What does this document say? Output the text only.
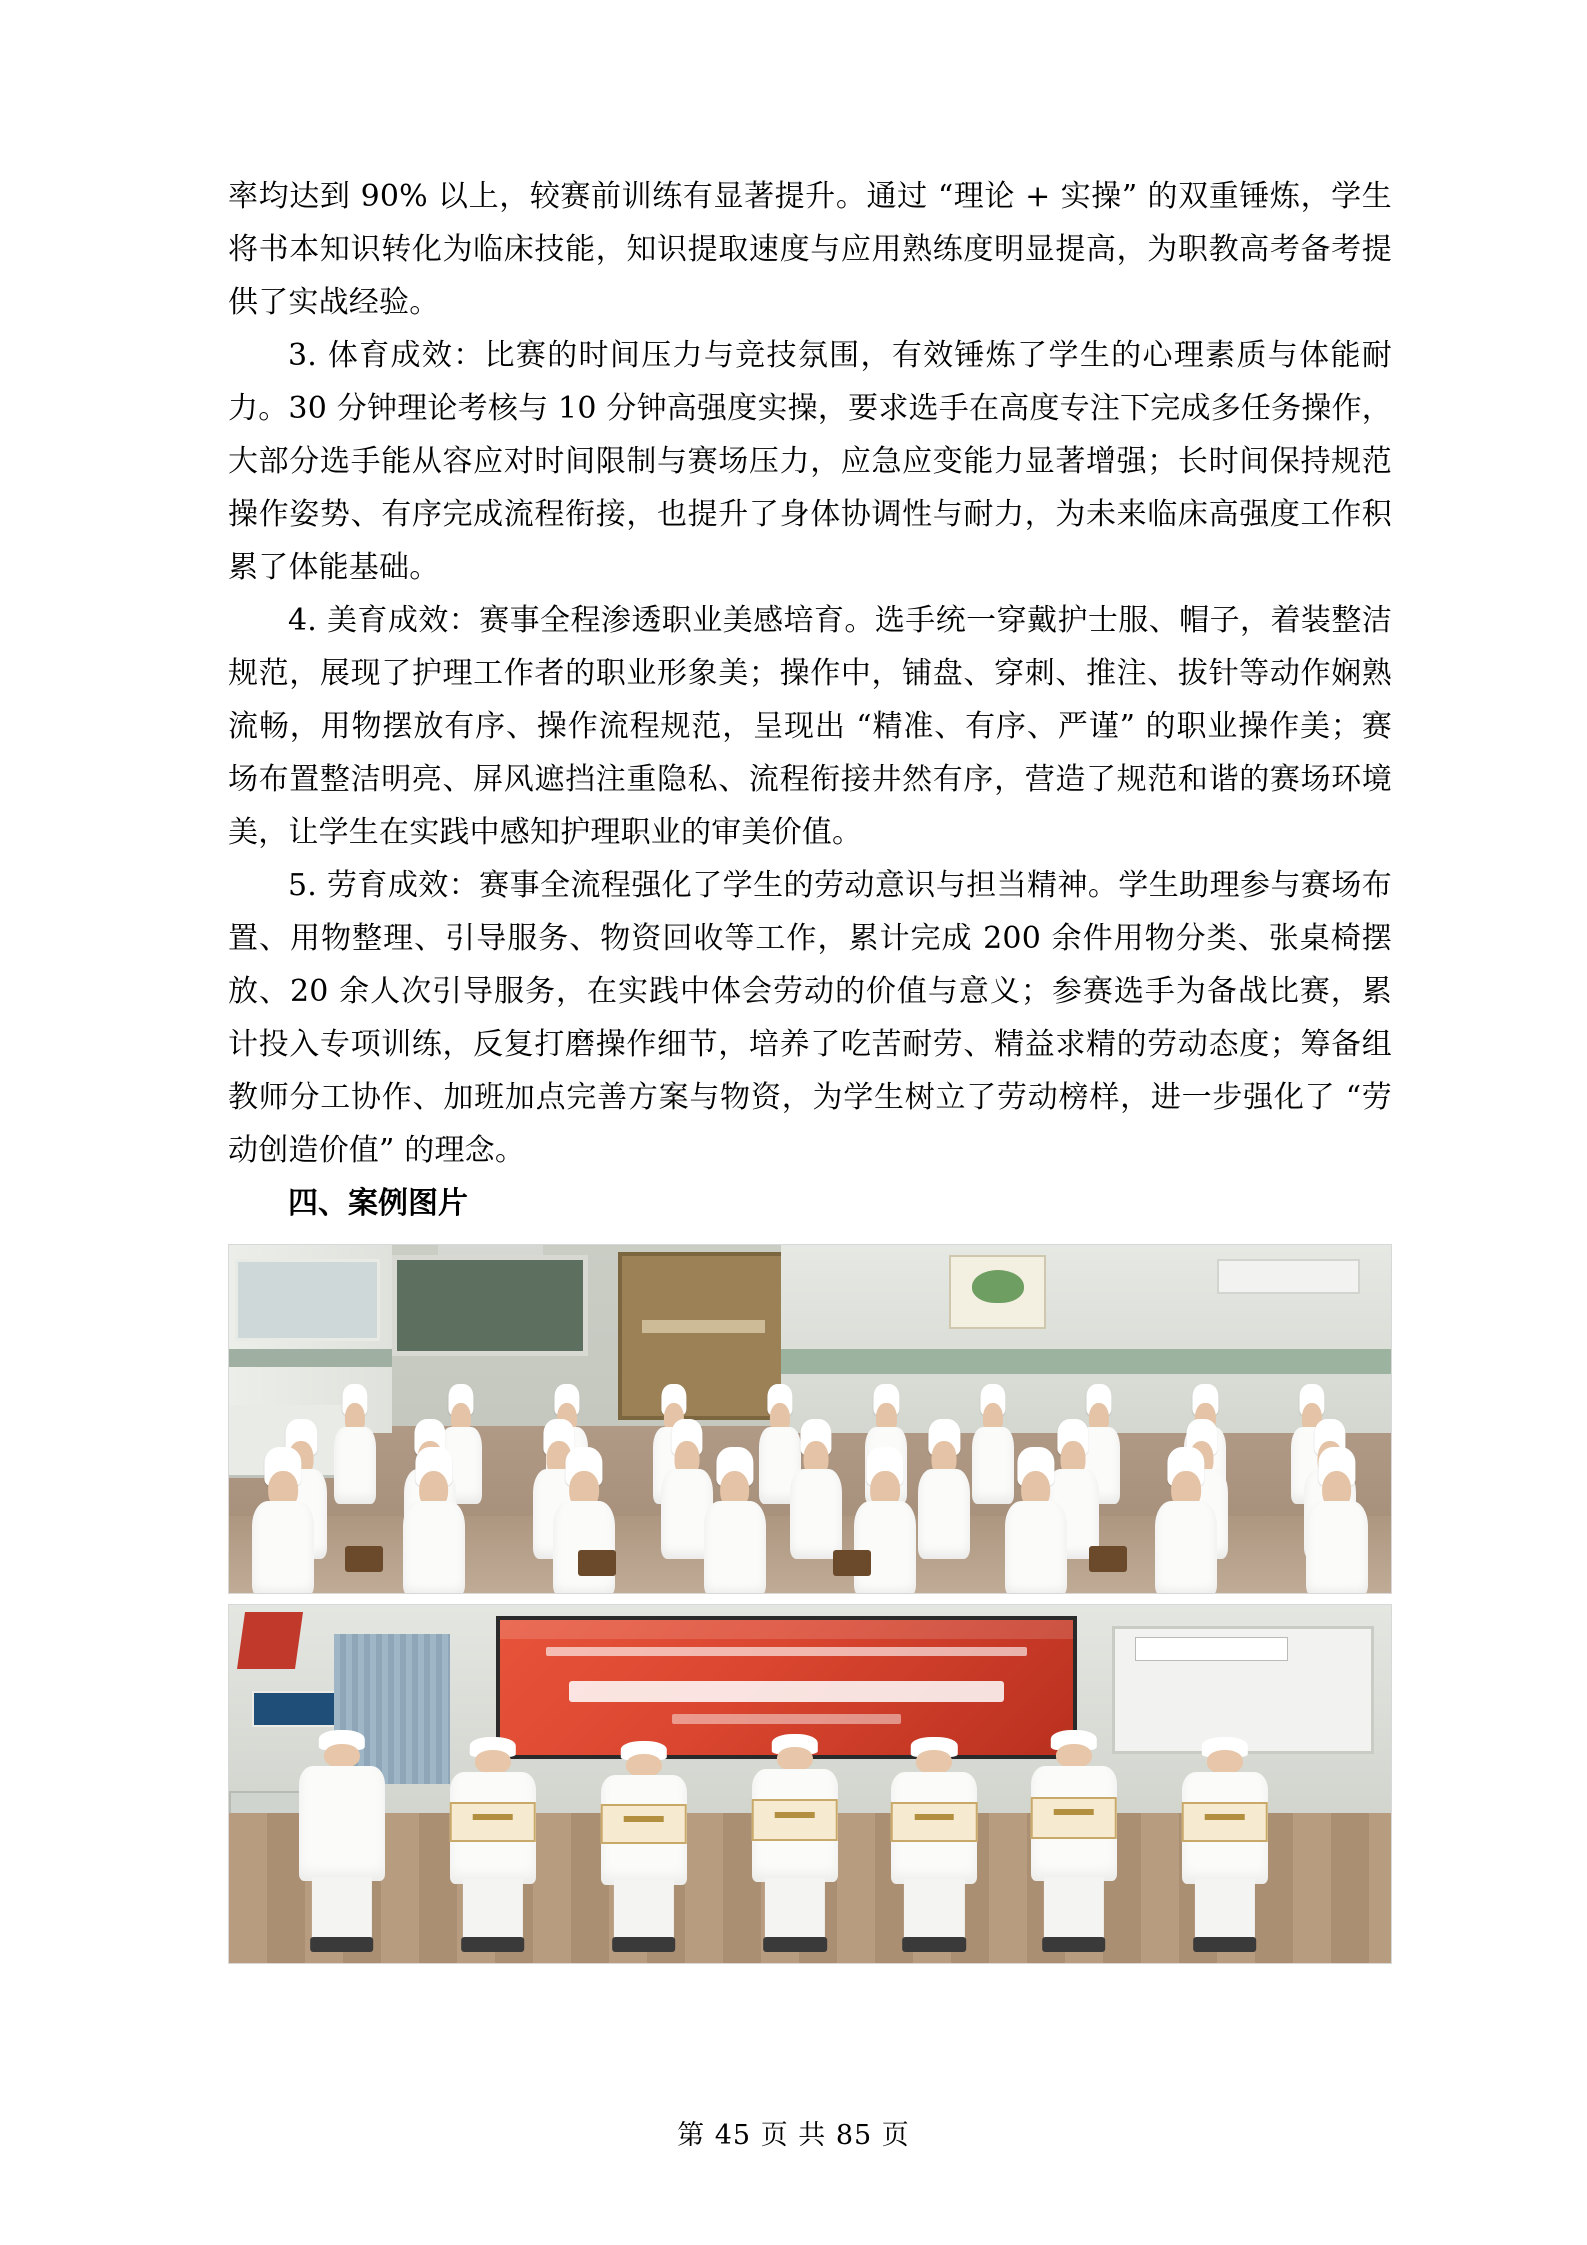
率均达到 90% 以上，较赛前训练有显著提升。通过 “理论 + 实操” 的双重锤炼，学生将书本知识转化为临床技能，知识提取速度与应用熟练度明显提高，为职教高考备考提供了实战经验。

3. 体育成效：比赛的时间压力与竞技氛围，有效锤炼了学生的心理素质与体能耐力。30 分钟理论考核与 10 分钟高强度实操，要求选手在高度专注下完成多任务操作，大部分选手能从容应对时间限制与赛场压力，应急应变能力显著增强；长时间保持规范操作姿势、有序完成流程衔接，也提升了身体协调性与耐力，为未来临床高强度工作积累了体能基础。

4. 美育成效：赛事全程渗透职业美感培育。选手统一穿戴护士服、帽子，着装整洁规范，展现了护理工作者的职业形象美；操作中，铺盘、穿刺、推注、拔针等动作娴熟流畅，用物摆放有序、操作流程规范，呈现出 “精准、有序、严谨” 的职业操作美；赛场布置整洁明亮、屏风遮挡注重隐私、流程衔接井然有序，营造了规范和谐的赛场环境美，让学生在实践中感知护理职业的审美价值。

5. 劳育成效：赛事全流程强化了学生的劳动意识与担当精神。学生助理参与赛场布置、用物整理、引导服务、物资回收等工作，累计完成 200 余件用物分类、张桌椅摆放、20 余人次引导服务，在实践中体会劳动的价值与意义；参赛选手为备战比赛，累计投入专项训练，反复打磨操作细节，培养了吃苦耐劳、精益求精的劳动态度；筹备组教师分工协作、加班加点完善方案与物资，为学生树立了劳动榜样，进一步强化了 “劳动创造价值” 的理念。

四、案例图片

第 45 页 共 85 页
